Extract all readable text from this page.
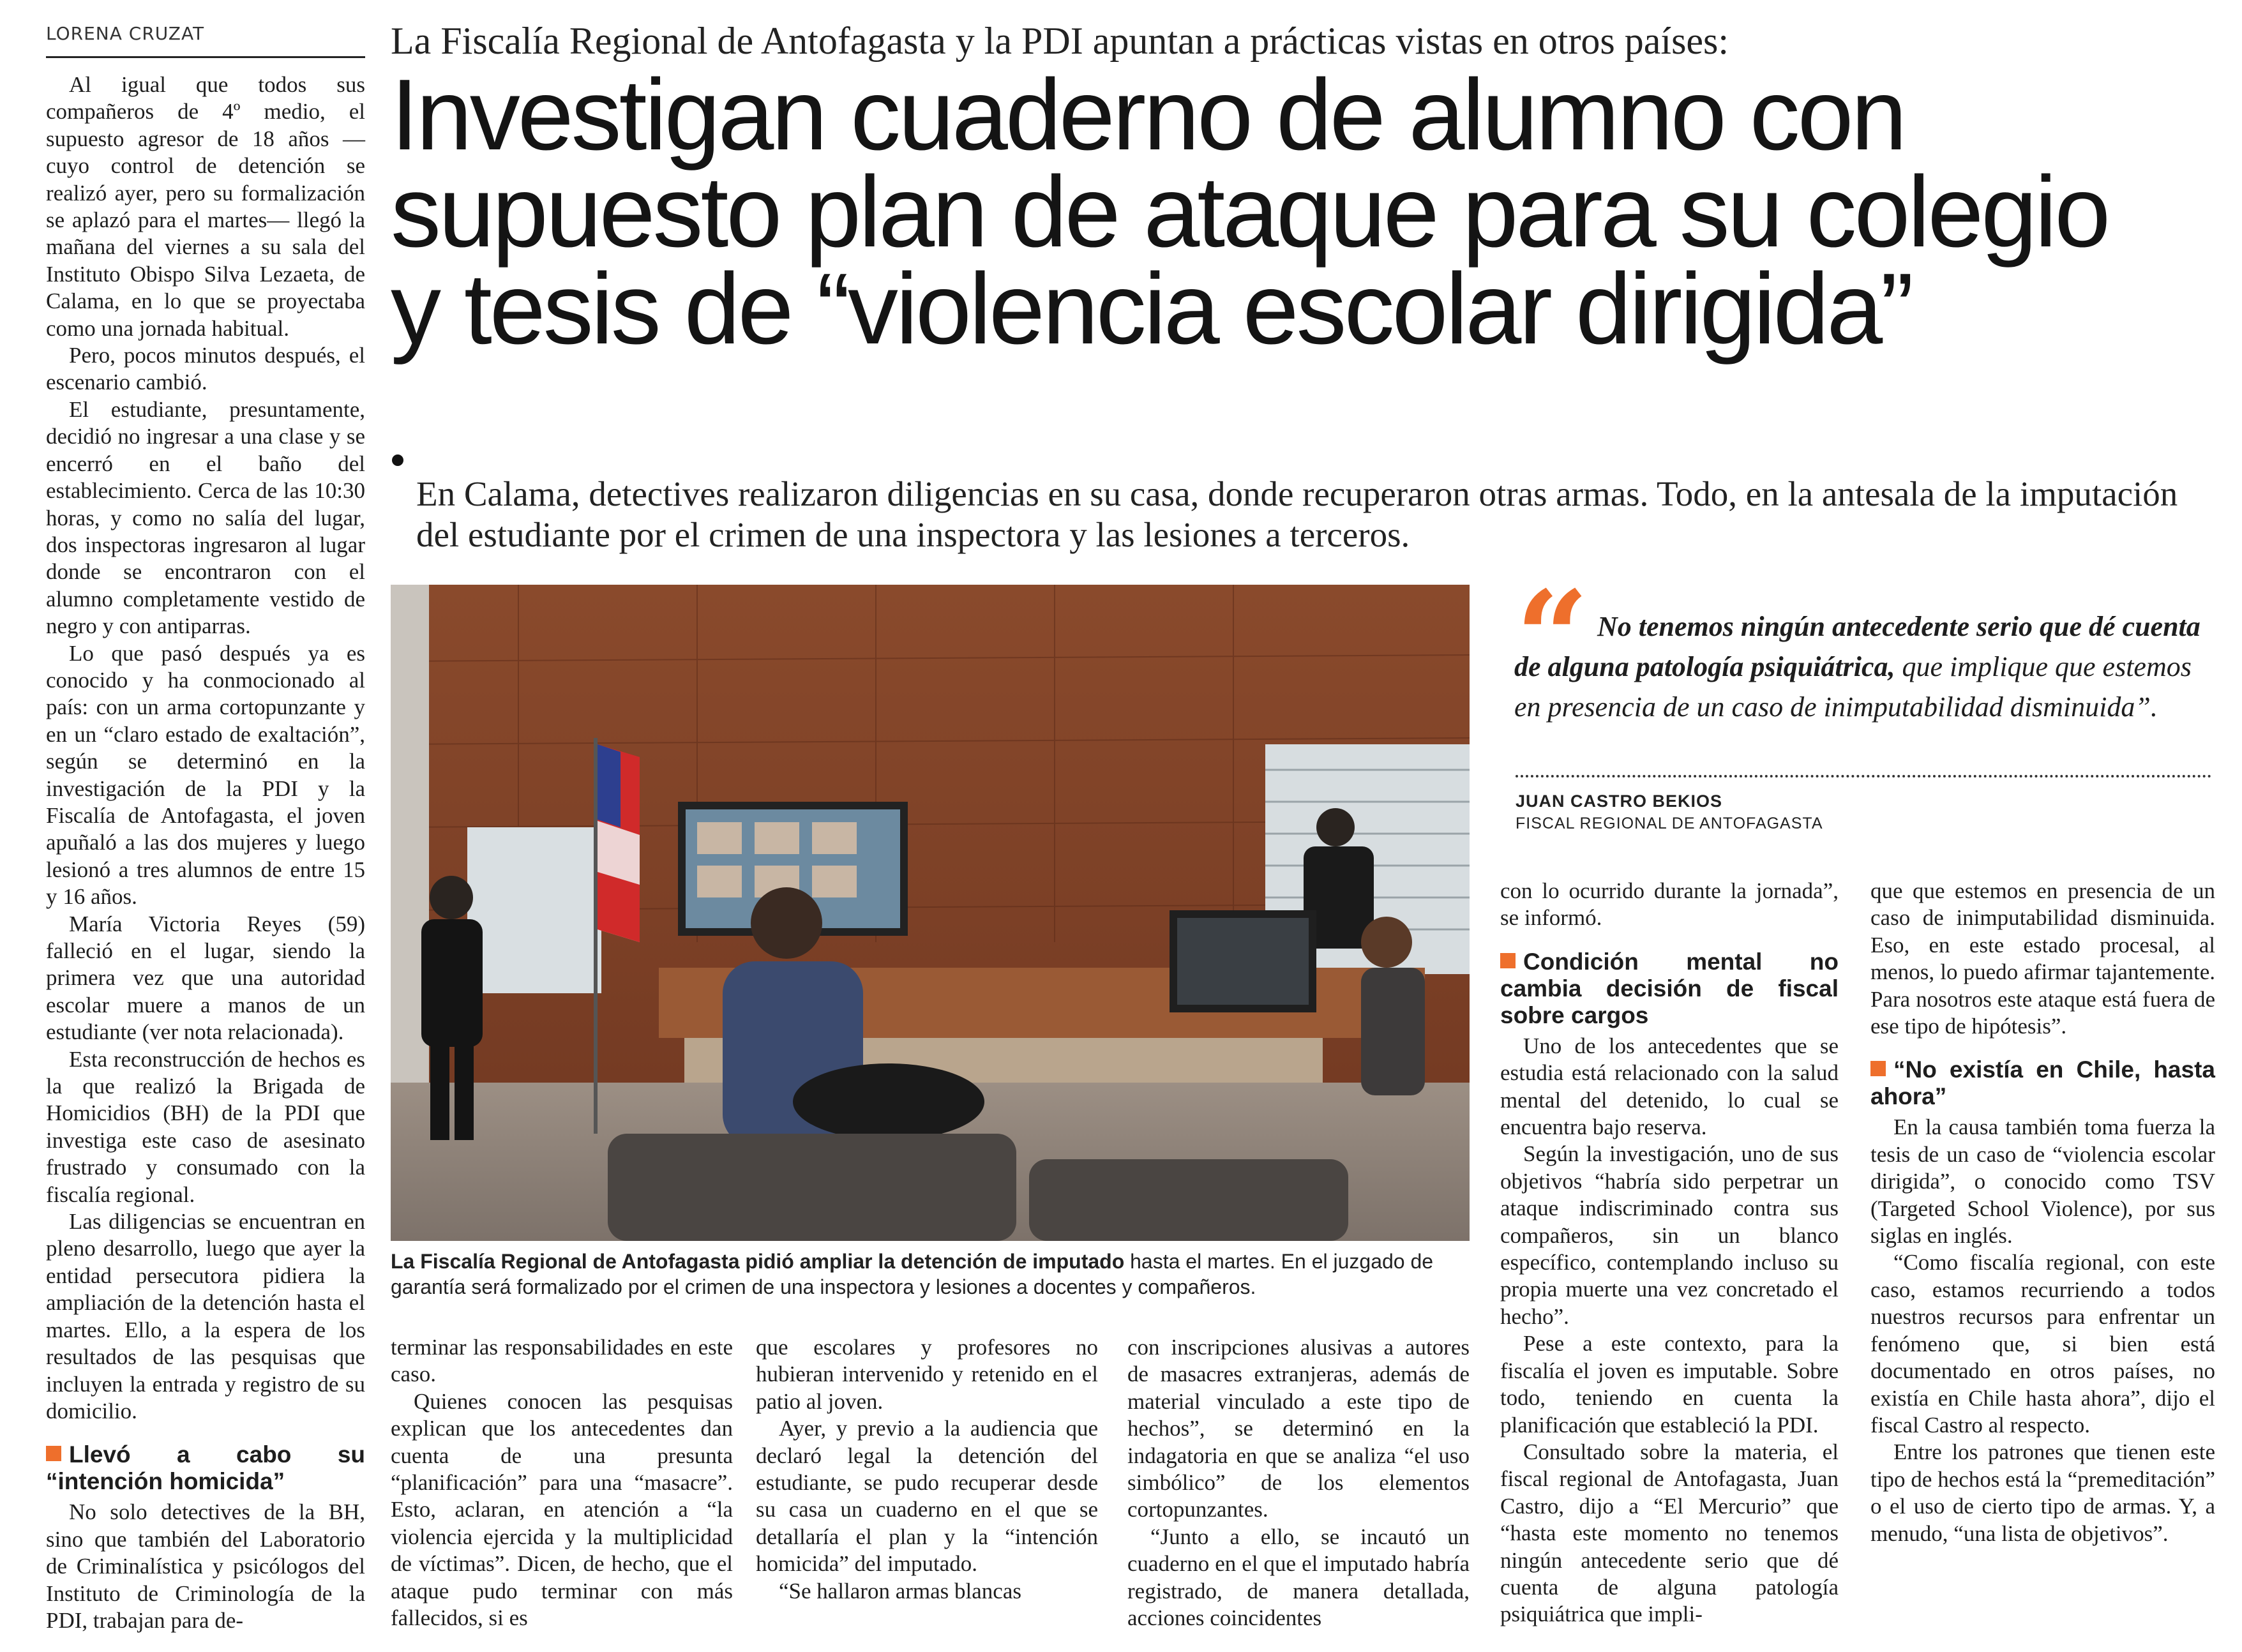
LORENA CRUZAT	La Fiscalía Regional de Antofagasta y la PDI apuntan a prácticas vistas en otros países:
Investigan cuaderno de alumno con
supuesto plan de ataque para su colegio
y tesis de “violencia escolar dirigida”
En Calama, detectives realizaron diligencias en su casa, donde recuperaron otras armas. Todo, en la antesala de la imputación del estudiante por el crimen de una inspectora y las lesiones a terceros.

Al igual que todos sus compañeros de 4º medio, el supuesto agresor de 18 años —cuyo control de detención se realizó ayer, pero su formalización se aplazó para el martes— llegó la mañana del viernes a su sala del Instituto Obispo Silva Lezaeta, de Calama, en lo que se proyectaba como una jornada habitual.

Pero, pocos minutos después, el escenario cambió.

El estudiante, presuntamente, decidió no ingresar a una clase y se encerró en el baño del establecimiento. Cerca de las 10:30 horas, y como no salía del lugar, dos inspectoras ingresaron al lugar donde se encontraron con el alumno completamente vestido de negro y con antiparras.

Lo que pasó después ya es conocido y ha conmocionado al país: con un arma cortopunzante y en un “claro estado de exaltación”, según se determinó en la investigación de la PDI y la Fiscalía de Antofagasta, el joven apuñaló a las dos mujeres y luego lesionó a tres alumnos de entre 15 y 16 años.

María Victoria Reyes (59) falleció en el lugar, siendo la primera vez que una autoridad escolar muere a manos de un estudiante (ver nota relacionada).

Esta reconstrucción de hechos es la que realizó la Brigada de Homicidios (BH) de la PDI que investiga este caso de asesinato frustrado y consumado con la fiscalía regional.

Las diligencias se encuentran en pleno desarrollo, luego que ayer la entidad persecutora pidiera la ampliación de la detención hasta el martes. Ello, a la espera de los resultados de las pesquisas que incluyen la entrada y registro de su domicilio.

Llevó a cabo su “intención homicida”

No solo detectives de la BH, sino que también del Laboratorio de Criminalística y psicólogos del Instituto de Criminología de la PDI, trabajan para de-

La Fiscalía Regional de Antofagasta pidió ampliar la detención de imputado hasta el martes. En el juzgado de garantía será formalizado por el crimen de una inspectora y lesiones a docentes y compañeros.
“ No tenemos ningún antecedente serio que dé cuenta de alguna patología psiquiátrica, que implique que estemos en presencia de un caso de inimputabilidad disminuida”.
JUAN CASTRO BEKIOS
FISCAL REGIONAL DE ANTOFAGASTA

terminar las responsabilidades en este caso.

Quienes conocen las pesquisas explican que los antecedentes dan cuenta de una presunta “planificación” para una “masacre”. Esto, aclaran, en atención a “la violencia ejercida y la multiplicidad de víctimas”. Dicen, de hecho, que el ataque pudo terminar con más fallecidos, si es

que escolares y profesores no hubieran intervenido y retenido en el patio al joven.

Ayer, y previo a la audiencia que declaró legal la detención del estudiante, se pudo recuperar desde su casa un cuaderno en el que se detallaría el plan y la “intención homicida” del imputado.

“Se hallaron armas blancas

con inscripciones alusivas a autores de masacres extranjeras, además de material vinculado a este tipo de hechos”, se determinó en la indagatoria en que se analiza “el uso simbólico” de los elementos cortopunzantes.

“Junto a ello, se incautó un cuaderno en el que el imputado habría registrado, de manera detallada, acciones coincidentes

con lo ocurrido durante la jornada”, se informó.

Condición mental no cambia decisión de fiscal sobre cargos

Uno de los antecedentes que se estudia está relacionado con la salud mental del detenido, lo cual se encuentra bajo reserva.

Según la investigación, uno de sus objetivos “habría sido perpetrar un ataque indiscriminado contra sus compañeros, sin un blanco específico, contemplando incluso su propia muerte una vez concretado el hecho”.

Pese a este contexto, para la fiscalía el joven es imputable. Sobre todo, teniendo en cuenta la planificación que estableció la PDI.

Consultado sobre la materia, el fiscal regional de Antofagasta, Juan Castro, dijo a “El Mercurio” que “hasta este momento no tenemos ningún antecedente serio que dé cuenta de alguna patología psiquiátrica que impli-

que que estemos en presencia de un caso de inimputabilidad disminuida. Eso, en este estado procesal, al menos, lo puedo afirmar tajantemente. Para nosotros este ataque está fuera de ese tipo de hipótesis”.

“No existía en Chile, hasta ahora”

En la causa también toma fuerza la tesis de un caso de “violencia escolar dirigida”, o conocido como TSV (Targeted School Violence), por sus siglas en inglés.

“Como fiscalía regional, con este caso, estamos recurriendo a todos nuestros recursos para enfrentar un fenómeno que, si bien está documentado en otros países, no existía en Chile hasta ahora”, dijo el fiscal Castro al respecto.

Entre los patrones que tienen este tipo de hechos está la “premeditación” o el uso de cierto tipo de armas. Y, a menudo, “una lista de objetivos”.
